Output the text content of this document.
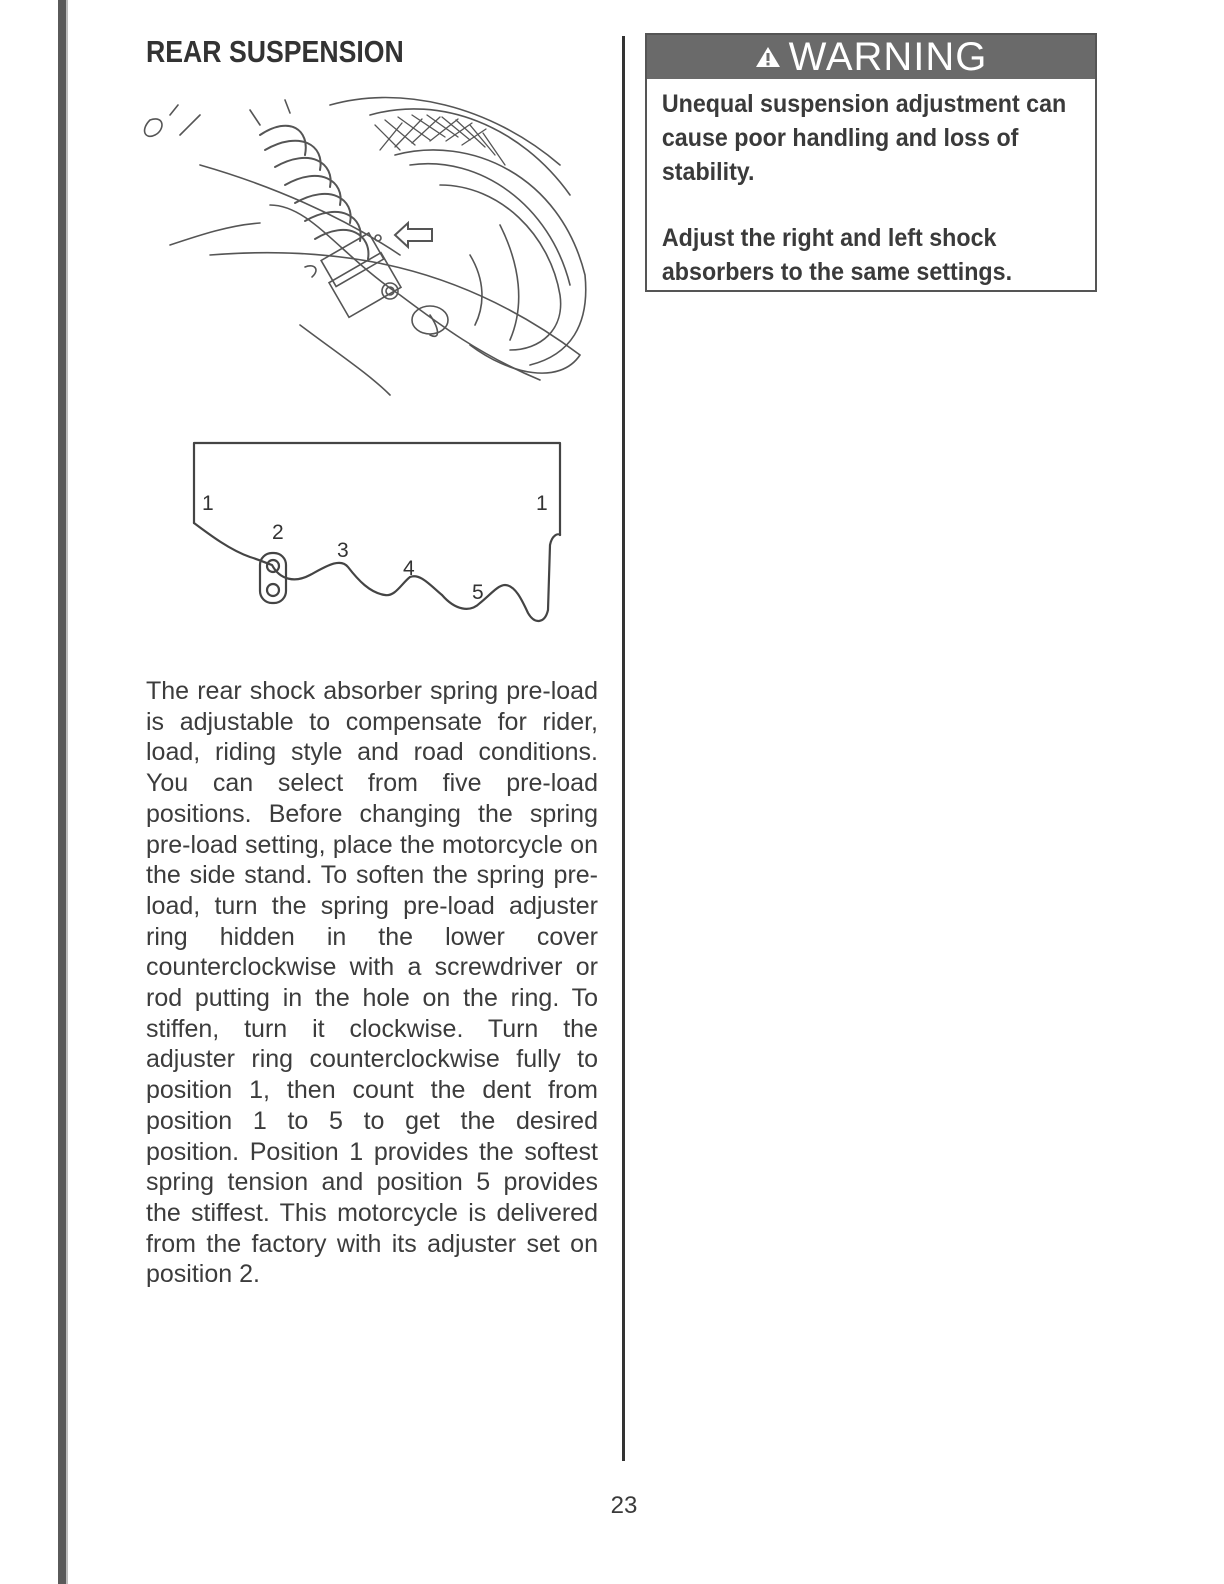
REAR SUSPENSION
1	1
2
3
4
5

The rear shock absorber spring pre-load is adjustable to compensate for rider, load, riding style and road conditions. You can select from five pre-load positions. Before changing the spring pre-load setting, place the motorcycle on the side stand. To soften the spring pre-load, turn the spring pre-load adjuster ring hidden in the lower cover counterclockwise with a screwdriver or rod putting in the hole on the ring. To stiffen, turn it clockwise. Turn the adjuster ring counterclockwise fully to position 1, then count the dent from position 1 to 5 to get the desired position. Position 1 provides the softest spring tension and position 5 provides the stiffest. This motorcycle is delivered from the factory with its adjuster set on position 2.

WARNING

Unequal suspension adjustment can cause poor handling and loss of stability.

Adjust the right and left shock absorbers to the same settings.

23
